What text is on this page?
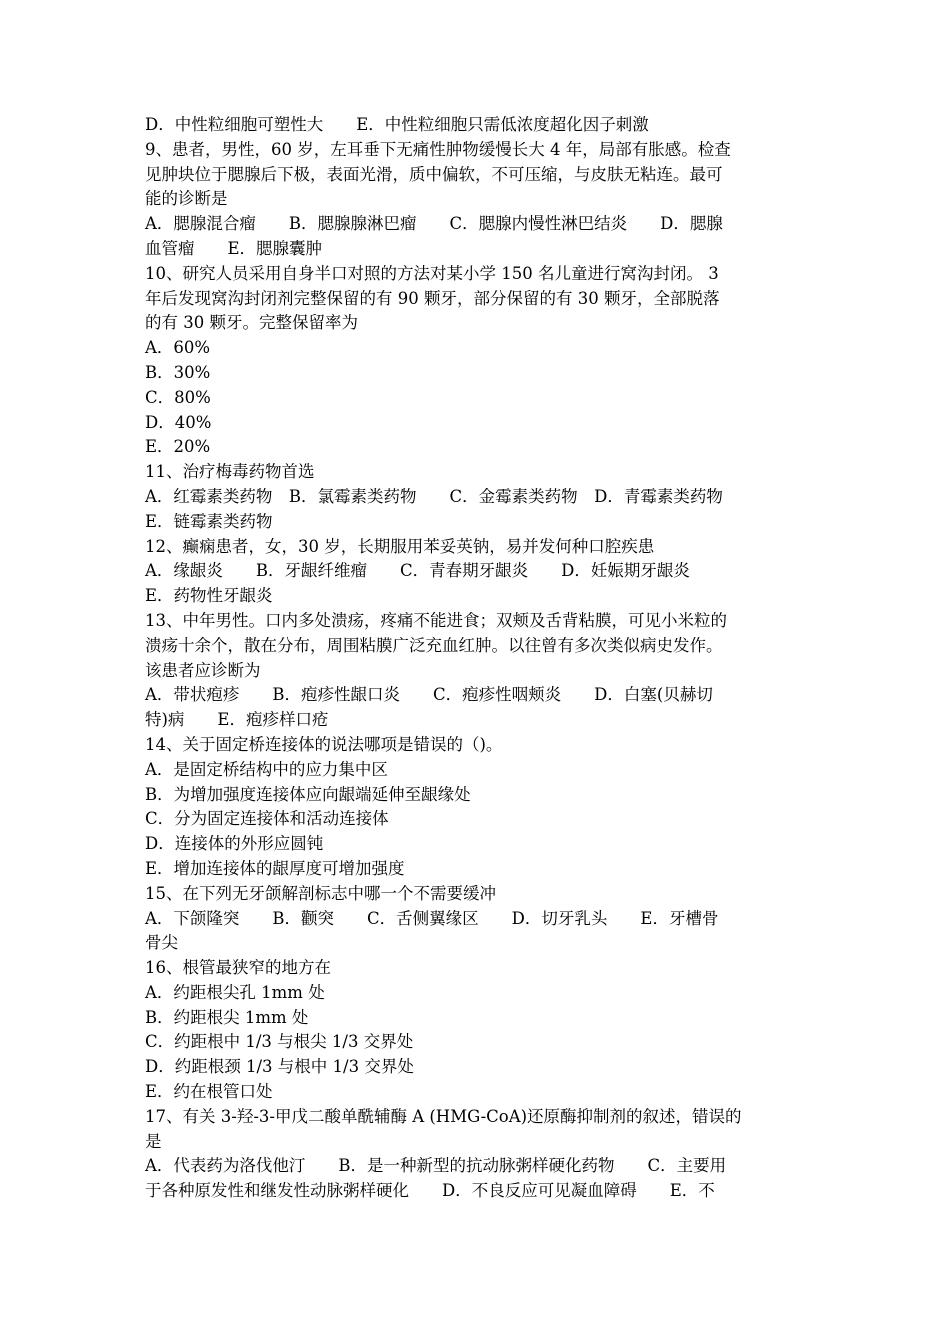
D．中性粒细胞可塑性大　　E．中性粒细胞只需低浓度超化因子刺激
9、患者，男性，60 岁，左耳垂下无痛性肿物缓慢长大 4 年，局部有胀感。检查
见肿块位于腮腺后下极，表面光滑，质中偏软，不可压缩，与皮肤无粘连。最可
能的诊断是
A．腮腺混合瘤　　B．腮腺腺淋巴瘤　　C．腮腺内慢性淋巴结炎　　D．腮腺
血管瘤　　E．腮腺囊肿
10、研究人员采用自身半口对照的方法对某小学 150 名儿童进行窝沟封闭。 3
年后发现窝沟封闭剂完整保留的有 90 颗牙，部分保留的有 30 颗牙，全部脱落
的有 30 颗牙。完整保留率为
A．60%
B．30%
C．80%
D．40%
E．20%
11、治疗梅毒药物首选
A．红霉素类药物　B．氯霉素类药物　　C．金霉素类药物　D．青霉素类药物
E．链霉素类药物
12、癫痫患者，女，30 岁，长期服用苯妥英钠，易并发何种口腔疾患
A．缘龈炎　　B．牙龈纤维瘤　　C．青春期牙龈炎　　D．妊娠期牙龈炎
E．药物性牙龈炎
13、中年男性。口内多处溃疡，疼痛不能进食；双颊及舌背粘膜，可见小米粒的
溃疡十余个，散在分布，周围粘膜广泛充血红肿。以往曾有多次类似病史发作。
该患者应诊断为
A．带状疱疹　　B．疱疹性龈口炎　　C．疱疹性咽颊炎　　D．白塞(贝赫切
特)病　　E．疱疹样口疮
14、关于固定桥连接体的说法哪项是错误的（)。
A．是固定桥结构中的应力集中区
B．为增加强度连接体应向龈端延伸至龈缘处
C．分为固定连接体和活动连接体
D．连接体的外形应圆钝
E．增加连接体的龈厚度可增加强度
15、在下列无牙颌解剖标志中哪一个不需要缓冲
A．下颌隆突　　B．颧突　　C．舌侧翼缘区　　D．切牙乳头　　E．牙槽骨
骨尖
16、根管最狭窄的地方在
A．约距根尖孔 1mm 处
B．约距根尖 1mm 处
C．约距根中 1/3 与根尖 1/3 交界处
D．约距根颈 1/3 与根中 1/3 交界处
E．约在根管口处
17、有关 3-羟-3-甲戊二酸单酰辅酶 A (HMG-CoA)还原酶抑制剂的叙述，错误的
是
A．代表药为洛伐他汀　　B．是一种新型的抗动脉粥样硬化药物　　C．主要用
于各种原发性和继发性动脉粥样硬化　　D．不良反应可见凝血障碍　　E．不
